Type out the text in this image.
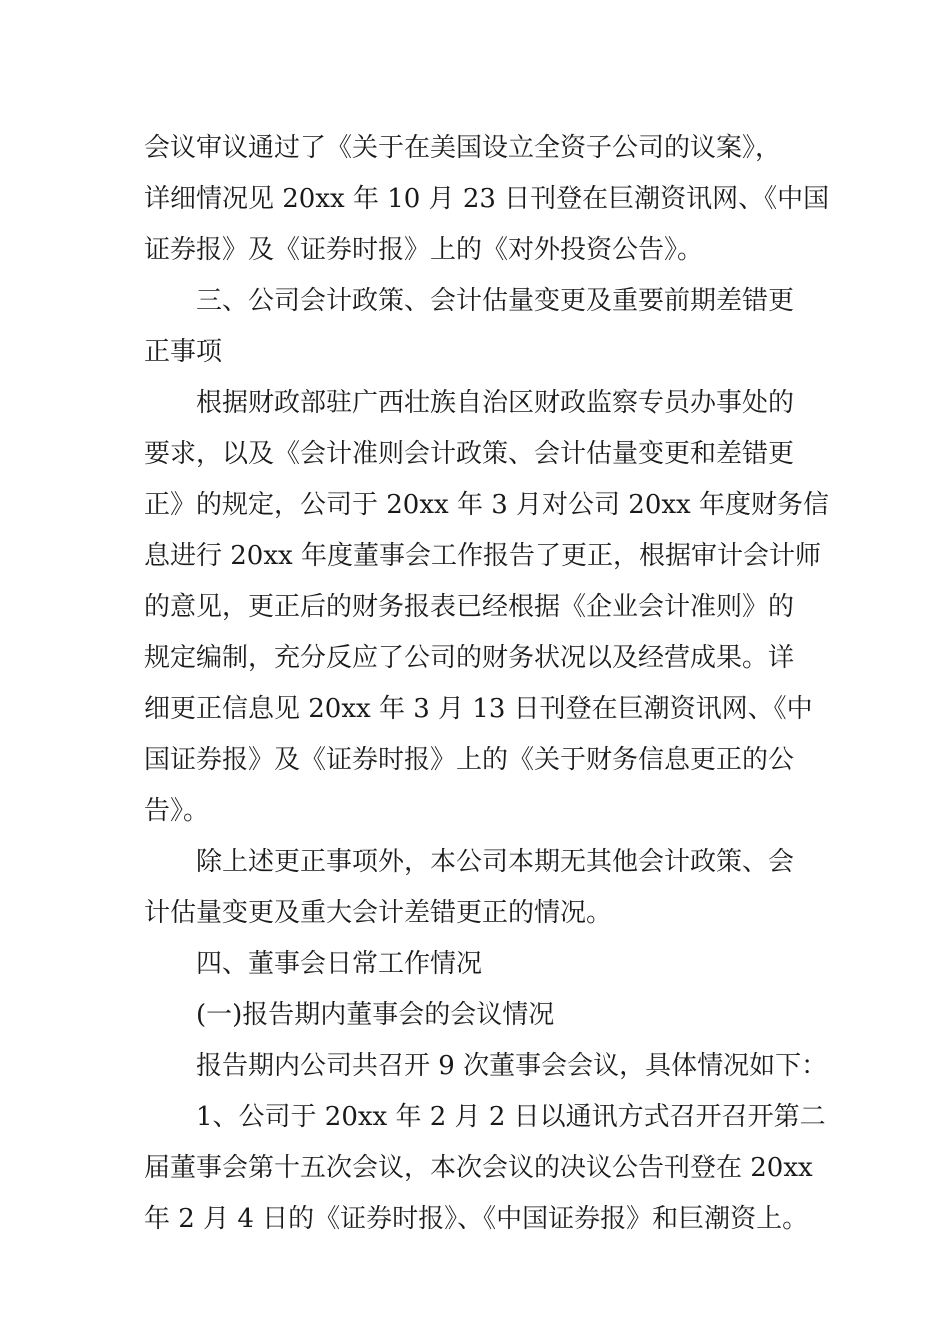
会议审议通过了《关于在美国设立全资子公司的议案》，
详细情况见 20xx 年 10 月 23 日刊登在巨潮资讯网、《中国
证券报》及《证券时报》上的《对外投资公告》。
三、公司会计政策、会计估量变更及重要前期差错更
正事项
根据财政部驻广西壮族自治区财政监察专员办事处的
要求，以及《会计准则会计政策、会计估量变更和差错更
正》的规定，公司于 20xx 年 3 月对公司 20xx 年度财务信
息进行 20xx 年度董事会工作报告了更正，根据审计会计师
的意见，更正后的财务报表已经根据《企业会计准则》的
规定编制，充分反应了公司的财务状况以及经营成果。详
细更正信息见 20xx 年 3 月 13 日刊登在巨潮资讯网、《中
国证券报》及《证券时报》上的《关于财务信息更正的公
告》。
除上述更正事项外，本公司本期无其他会计政策、会
计估量变更及重大会计差错更正的情况。
四、董事会日常工作情况
(一)报告期内董事会的会议情况
报告期内公司共召开 9 次董事会会议，具体情况如下：
1、公司于 20xx 年 2 月 2 日以通讯方式召开召开第二
届董事会第十五次会议，本次会议的决议公告刊登在 20xx
年 2 月 4 日的《证券时报》、《中国证券报》和巨潮资上。
